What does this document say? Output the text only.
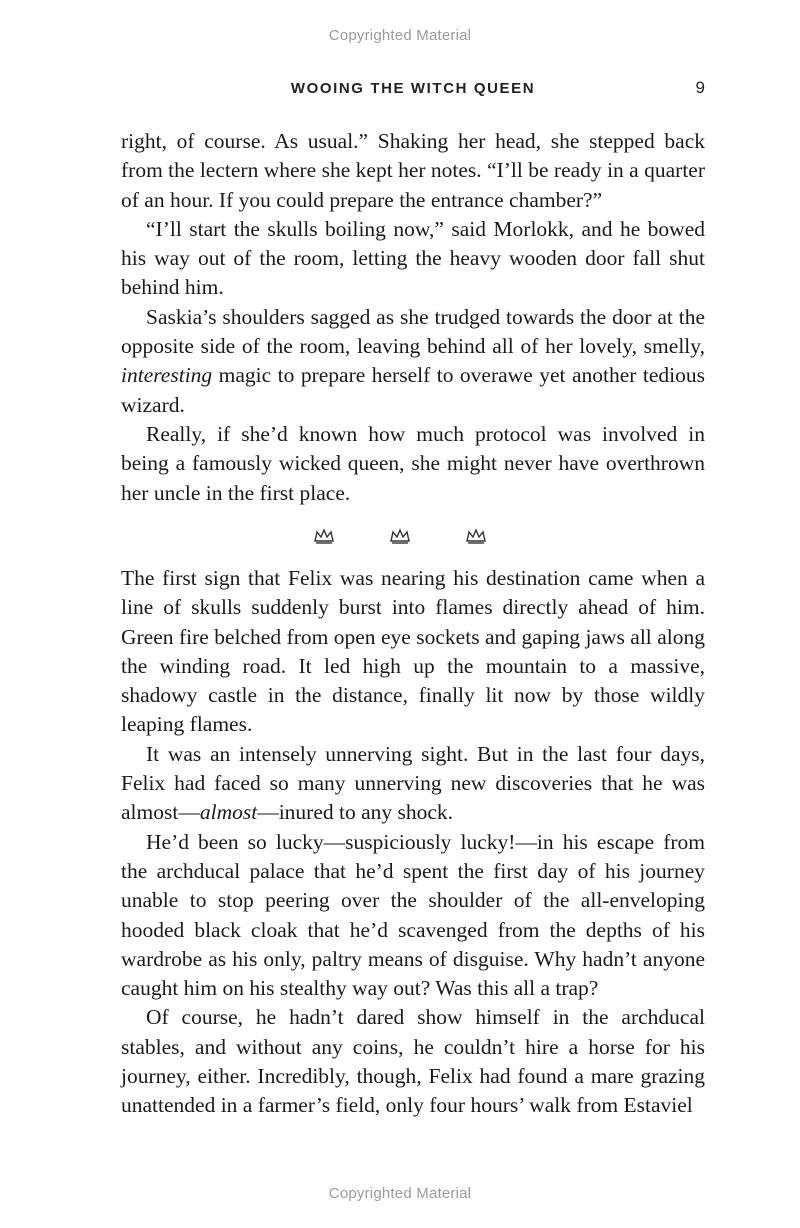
Copyrighted Material
WOOING THE WITCH QUEEN	9

right, of course. As usual.” Shaking her head, she stepped back from the lectern where she kept her notes. “I’ll be ready in a quarter of an hour. If you could prepare the entrance chamber?”

“I’ll start the skulls boiling now,” said Morlokk, and he bowed his way out of the room, letting the heavy wooden door fall shut behind him.

Saskia’s shoulders sagged as she trudged towards the door at the opposite side of the room, leaving behind all of her lovely, smelly, interesting magic to prepare herself to overawe yet another tedious wizard.

Really, if she’d known how much protocol was involved in being a famously wicked queen, she might never have overthrown her uncle in the first place.

The first sign that Felix was nearing his destination came when a line of skulls suddenly burst into flames directly ahead of him. Green fire belched from open eye sockets and gaping jaws all along the winding road. It led high up the mountain to a massive, shadowy castle in the distance, finally lit now by those wildly leaping flames.

It was an intensely unnerving sight. But in the last four days, Felix had faced so many unnerving new discoveries that he was almost—almost—inured to any shock.

He’d been so lucky—suspiciously lucky!—in his escape from the archducal palace that he’d spent the first day of his journey unable to stop peering over the shoulder of the all-enveloping hooded black cloak that he’d scavenged from the depths of his wardrobe as his only, paltry means of disguise. Why hadn’t anyone caught him on his stealthy way out? Was this all a trap?

Of course, he hadn’t dared show himself in the archducal stables, and without any coins, he couldn’t hire a horse for his journey, either. Incredibly, though, Felix had found a mare grazing unattended in a farmer’s field, only four hours’ walk from Estaviel

Copyrighted Material
